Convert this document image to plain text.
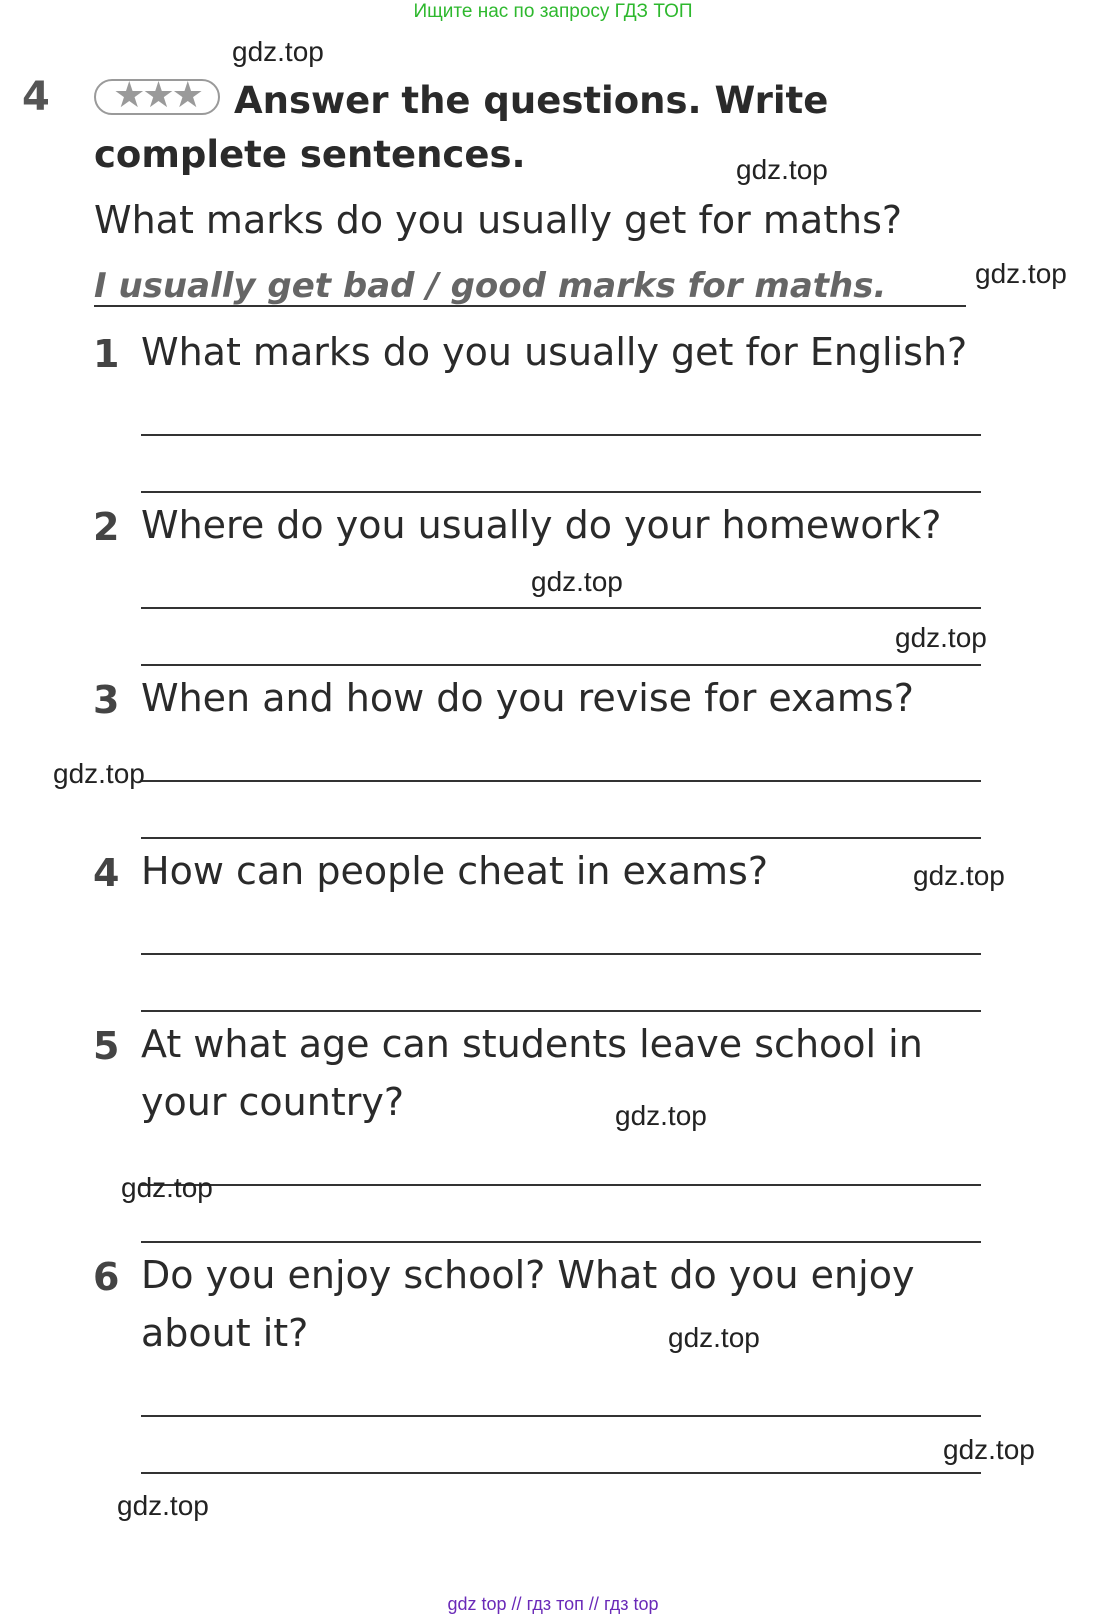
Ищите нас по запросу ГДЗ ТОП
4	Answer the questions. Write complete sentences.
★★★
What marks do you usually get for maths?
I usually get bad / good marks for maths.
1 What marks do you usually get for English?
2 Where do you usually do your homework?
3 When and how do you revise for exams?
4 How can people cheat in exams?
5 At what age can students leave school in
your country?
6 Do you enjoy school? What do you enjoy
about it?
gdz.top
gdz.top
gdz.top
gdz.top
gdz.top
gdz.top
gdz.top
gdz.top
gdz.top
gdz.top
gdz.top
gdz.top
gdz top // гдз топ // гдз top
